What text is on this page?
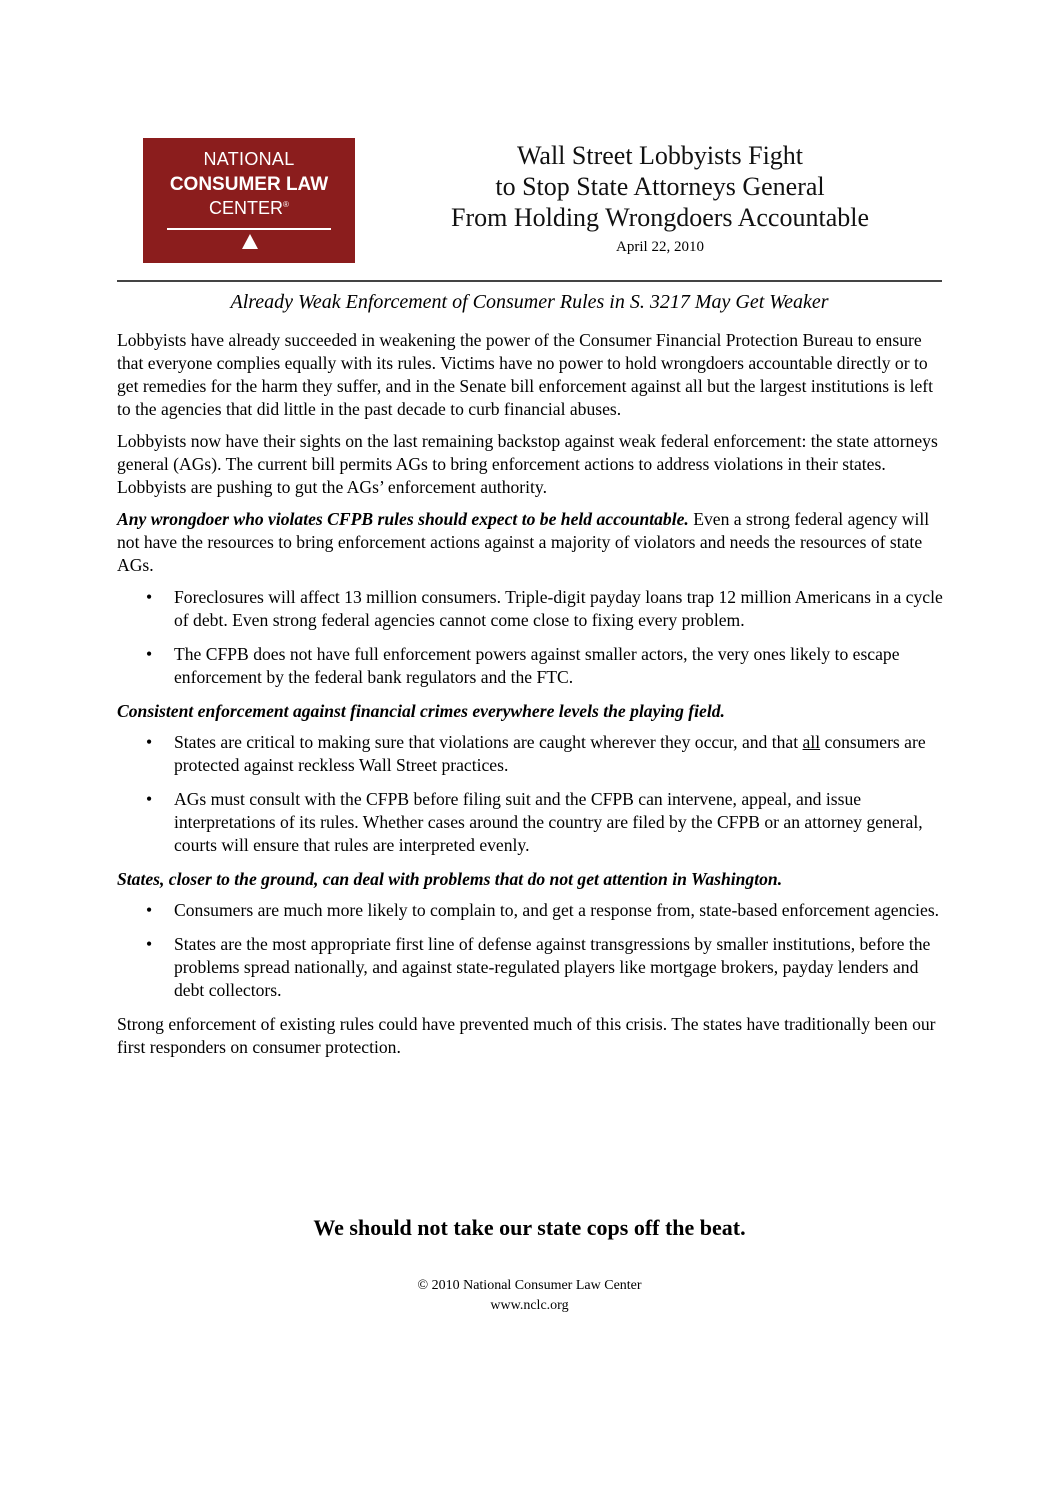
NATIONAL
CONSUMER LAW
CENTER®
Wall Street Lobbyists Fight
to Stop State Attorneys General
From Holding Wrongdoers Accountable
April 22, 2010
Already Weak Enforcement of Consumer Rules in S. 3217 May Get Weaker

Lobbyists have already succeeded in weakening the power of the Consumer Financial Protection Bureau to ensure that everyone complies equally with its rules. Victims have no power to hold wrongdoers accountable directly or to get remedies for the harm they suffer, and in the Senate bill enforcement against all but the largest institutions is left to the agencies that did little in the past decade to curb financial abuses.

Lobbyists now have their sights on the last remaining backstop against weak federal enforcement: the state attorneys general (AGs). The current bill permits AGs to bring enforcement actions to address violations in their states. Lobbyists are pushing to gut the AGs’ enforcement authority.

Any wrongdoer who violates CFPB rules should expect to be held accountable. Even a strong federal agency will not have the resources to bring enforcement actions against a majority of violators and needs the resources of state AGs.

• Foreclosures will affect 13 million consumers. Triple-digit payday loans trap 12 million Americans in a cycle of debt. Even strong federal agencies cannot come close to fixing every problem.
• The CFPB does not have full enforcement powers against smaller actors, the very ones likely to escape enforcement by the federal bank regulators and the FTC.
Consistent enforcement against financial crimes everywhere levels the playing field.
• States are critical to making sure that violations are caught wherever they occur, and that all consumers are protected against reckless Wall Street practices.
• AGs must consult with the CFPB before filing suit and the CFPB can intervene, appeal, and issue interpretations of its rules. Whether cases around the country are filed by the CFPB or an attorney general, courts will ensure that rules are interpreted evenly.
States, closer to the ground, can deal with problems that do not get attention in Washington.
• Consumers are much more likely to complain to, and get a response from, state-based enforcement agencies.
• States are the most appropriate first line of defense against transgressions by smaller institutions, before the problems spread nationally, and against state-regulated players like mortgage brokers, payday lenders and debt collectors.

Strong enforcement of existing rules could have prevented much of this crisis. The states have traditionally been our first responders on consumer protection.

We should not take our state cops off the beat.
© 2010 National Consumer Law Center
www.nclc.org
